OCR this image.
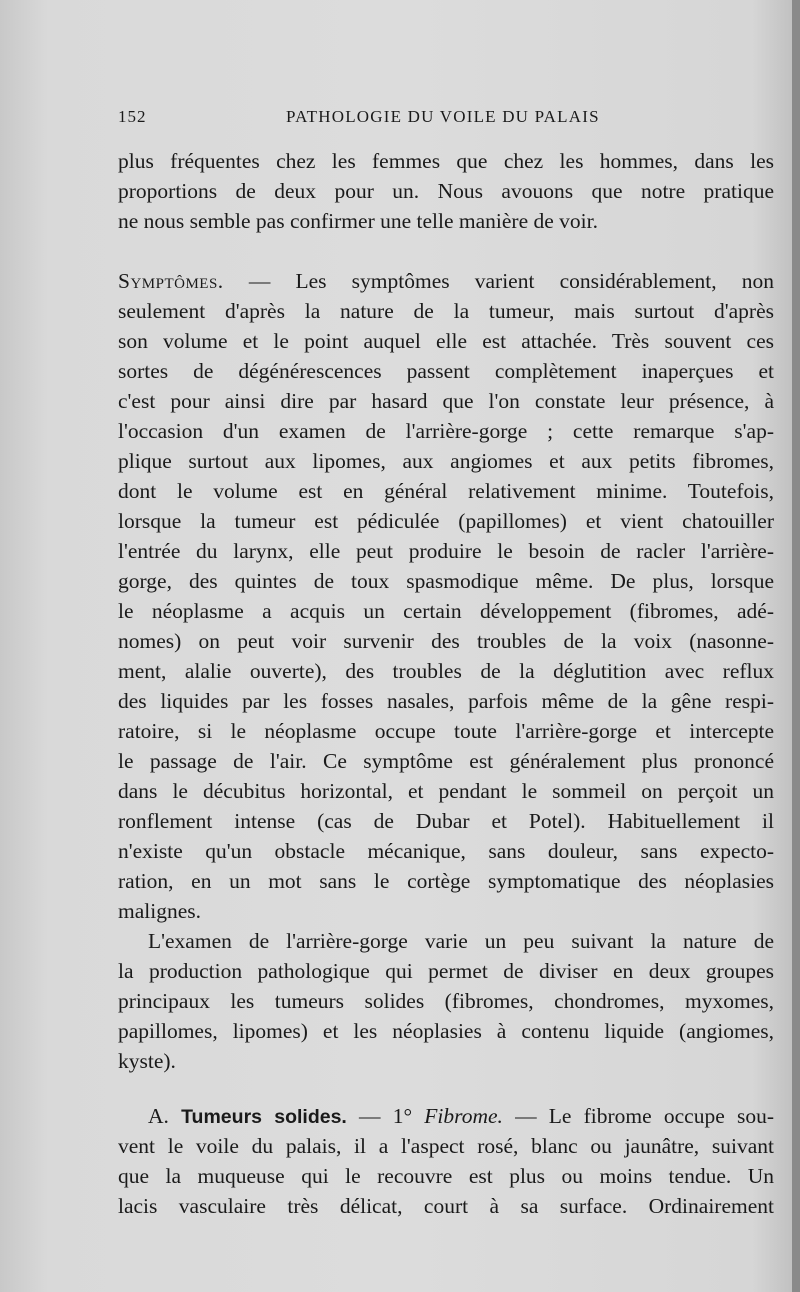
152	PATHOLOGIE DU VOILE DU PALAIS
plus fréquentes chez les femmes que chez les hommes, dans les
proportions de deux pour un. Nous avouons que notre pratique
ne nous semble pas confirmer une telle manière de voir.
Symptômes. — Les symptômes varient considérablement, non
seulement d'après la nature de la tumeur, mais surtout d'après
son volume et le point auquel elle est attachée. Très souvent ces
sortes de dégénérescences passent complètement inaperçues et
c'est pour ainsi dire par hasard que l'on constate leur présence, à
l'occasion d'un examen de l'arrière-gorge ; cette remarque s'ap-
plique surtout aux lipomes, aux angiomes et aux petits fibromes,
dont le volume est en général relativement minime. Toutefois,
lorsque la tumeur est pédiculée (papillomes) et vient chatouiller
l'entrée du larynx, elle peut produire le besoin de racler l'arrière-
gorge, des quintes de toux spasmodique même. De plus, lorsque
le néoplasme a acquis un certain développement (fibromes, adé-
nomes) on peut voir survenir des troubles de la voix (nasonne-
ment, alalie ouverte), des troubles de la déglutition avec reflux
des liquides par les fosses nasales, parfois même de la gêne respi-
ratoire, si le néoplasme occupe toute l'arrière-gorge et intercepte
le passage de l'air. Ce symptôme est généralement plus prononcé
dans le décubitus horizontal, et pendant le sommeil on perçoit un
ronflement intense (cas de Dubar et Potel). Habituellement il
n'existe qu'un obstacle mécanique, sans douleur, sans expecto-
ration, en un mot sans le cortège symptomatique des néoplasies
malignes.
L'examen de l'arrière-gorge varie un peu suivant la nature de
la production pathologique qui permet de diviser en deux groupes
principaux les tumeurs solides (fibromes, chondromes, myxomes,
papillomes, lipomes) et les néoplasies à contenu liquide (angiomes,
kyste).
A. Tumeurs solides. — 1° Fibrome. — Le fibrome occupe sou-
vent le voile du palais, il a l'aspect rosé, blanc ou jaunâtre, suivant
que la muqueuse qui le recouvre est plus ou moins tendue. Un
lacis vasculaire très délicat, court à sa surface. Ordinairement
